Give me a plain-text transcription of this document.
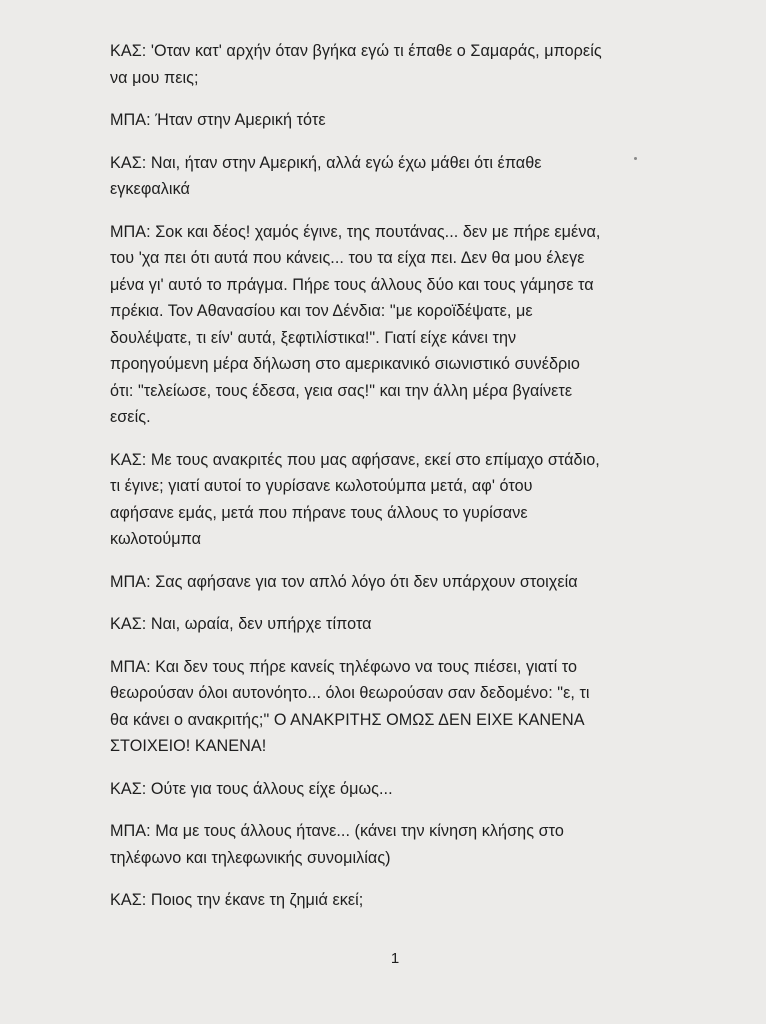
ΚΑΣ: 'Οταν κατ' αρχήν όταν βγήκα εγώ τι έπαθε ο Σαμαράς, μπορείς
να μου πεις;

ΜΠΑ: Ήταν στην Αμερική τότε

ΚΑΣ: Ναι, ήταν στην Αμερική, αλλά εγώ έχω μάθει ότι έπαθε
εγκεφαλικά

ΜΠΑ: Σοκ και δέος! χαμός έγινε, της πουτάνας... δεν με πήρε εμένα,
του 'χα πει ότι αυτά που κάνεις... του τα είχα πει. Δεν θα μου έλεγε
μένα γι' αυτό το πράγμα. Πήρε τους άλλους δύο και τους γάμησε τα
πρέκια. Τον Αθανασίου και τον Δένδια: "με κοροϊδέψατε, με
δουλέψατε, τι είν' αυτά, ξεφτιλίστικα!". Γιατί είχε κάνει την
προηγούμενη μέρα δήλωση στο αμερικανικό σιωνιστικό συνέδριο
ότι: "τελείωσε, τους έδεσα, γεια σας!" και την άλλη μέρα βγαίνετε
εσείς.

ΚΑΣ: Με τους ανακριτές που μας αφήσανε, εκεί στο επίμαχο στάδιο,
τι έγινε; γιατί αυτοί το γυρίσανε κωλοτούμπα μετά, αφ' ότου
αφήσανε εμάς, μετά που πήρανε τους άλλους το γυρίσανε
κωλοτούμπα

ΜΠΑ: Σας αφήσανε για τον απλό λόγο ότι δεν υπάρχουν στοιχεία

ΚΑΣ: Ναι, ωραία, δεν υπήρχε τίποτα

ΜΠΑ: Και δεν τους πήρε κανείς τηλέφωνο να τους πιέσει, γιατί το
θεωρούσαν όλοι αυτονόητο... όλοι θεωρούσαν σαν δεδομένο: "ε, τι
θα κάνει ο ανακριτής;" Ο ΑΝΑΚΡΙΤΗΣ ΟΜΩΣ ΔΕΝ ΕΙΧΕ ΚΑΝΕΝΑ
ΣΤΟΙΧΕΙΟ! ΚΑΝΕΝΑ!

ΚΑΣ: Ούτε για τους άλλους είχε όμως...

ΜΠΑ: Μα με τους άλλους ήτανε... (κάνει την κίνηση κλήσης στο
τηλέφωνο και τηλεφωνικής συνομιλίας)

ΚΑΣ: Ποιος την έκανε τη ζημιά εκεί;

1
